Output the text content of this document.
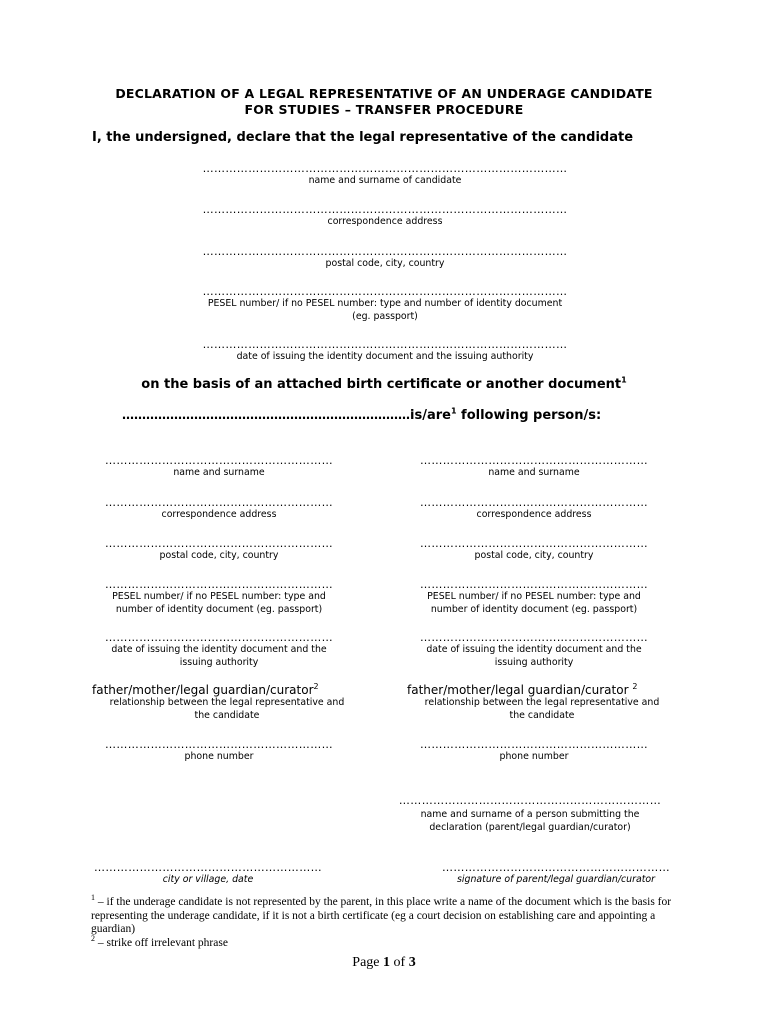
DECLARATION OF A LEGAL REPRESENTATIVE OF AN UNDERAGE CANDIDATE
FOR STUDIES – TRANSFER PROCEDURE
I, the undersigned, declare that the legal representative of the candidate
……………………………………………………………………………………
name and surname of candidate
……………………………………………………………………………………
correspondence address
……………………………………………………………………………………
postal code, city, country
……………………………………………………………………………………
PESEL number/ if no PESEL number: type and number of identity document
(eg. passport)
……………………………………………………………………………………
date of issuing the identity document and the issuing authority
on the basis of an attached birth certificate or another document$^1$
………………………………………………………………is/are$^1$ following person/s:
……………………………………………………
name and surname
……………………………………………………
correspondence address
……………………………………………………
postal code, city, country
……………………………………………………
PESEL number/ if no PESEL number: type and
number of identity document (eg. passport)
……………………………………………………
date of issuing the identity document and the
issuing authority
father/mother/legal guardian/curator$^2$
relationship between the legal representative and
the candidate
……………………………………………………
phone number
……………………………………………………
name and surname
……………………………………………………
correspondence address
……………………………………………………
postal code, city, country
……………………………………………………
PESEL number/ if no PESEL number: type and
number of identity document (eg. passport)
……………………………………………………
date of issuing the identity document and the
issuing authority
father/mother/legal guardian/curator $^2$
relationship between the legal representative and
the candidate
……………………………………………………
phone number
……………………………………………………………
name and surname of a person submitting the
declaration (parent/legal guardian/curator)
……………………………………………………
city or village, date
……………………………………………………
signature of parent/legal guardian/curator
$^1$ – if the underage candidate is not represented by the parent, in this place write a name of the document which is the basis for representing the underage candidate, if it is not a birth certificate (eg a court decision on establishing care and appointing a guardian)
$^2$ – strike off irrelevant phrase
Page 1 of 3
